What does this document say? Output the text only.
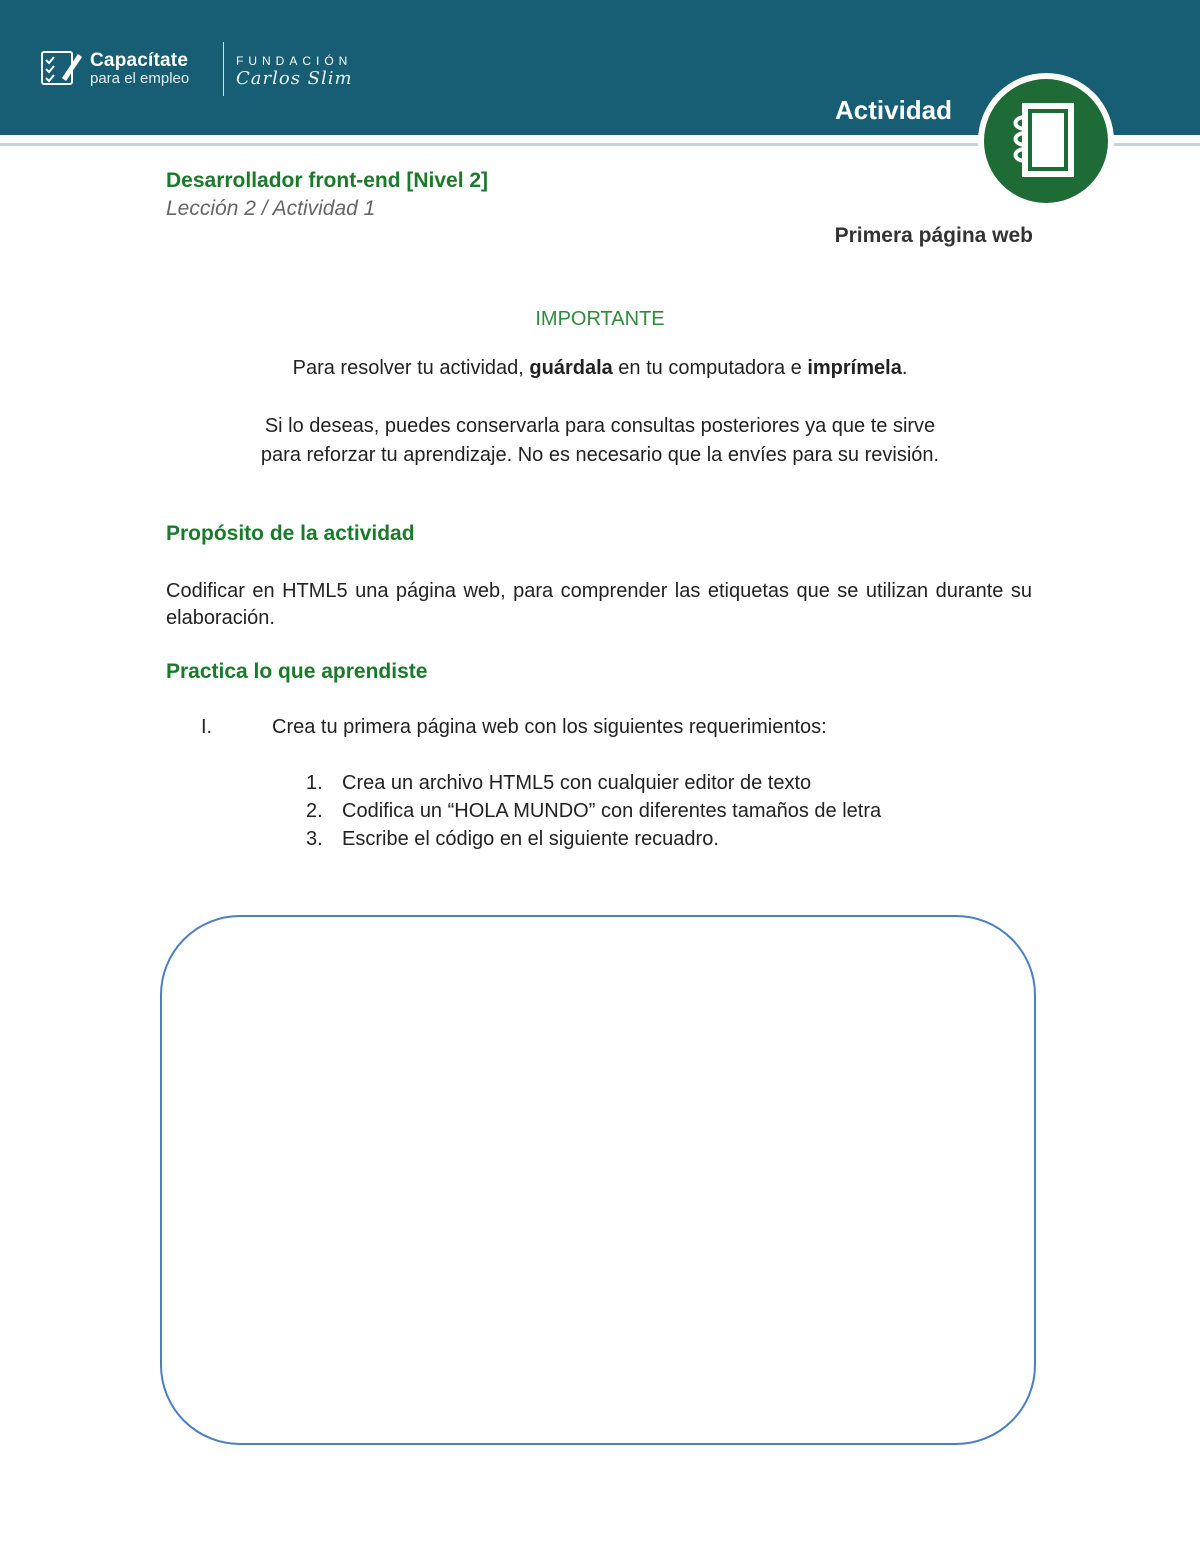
Capacítate
para el empleo
FUNDACIÓN
Carlos Slim
Actividad
Desarrollador front-end [Nivel 2]
Lección 2 / Actividad 1
Primera página web
IMPORTANTE
Para resolver tu actividad, guárdala en tu computadora e imprímela.
Si lo deseas, puedes conservarla para consultas posteriores ya que te sirve
para reforzar tu aprendizaje. No es necesario que la envíes para su revisión.
Propósito de la actividad
Codificar en HTML5 una página web, para comprender las etiquetas que se utilizan durante su elaboración.
Practica lo que aprendiste
I.	Crea tu primera página web con los siguientes requerimientos:
1. Crea un archivo HTML5 con cualquier editor de texto
2. Codifica un “HOLA MUNDO” con diferentes tamaños de letra
3. Escribe el código en el siguiente recuadro.
